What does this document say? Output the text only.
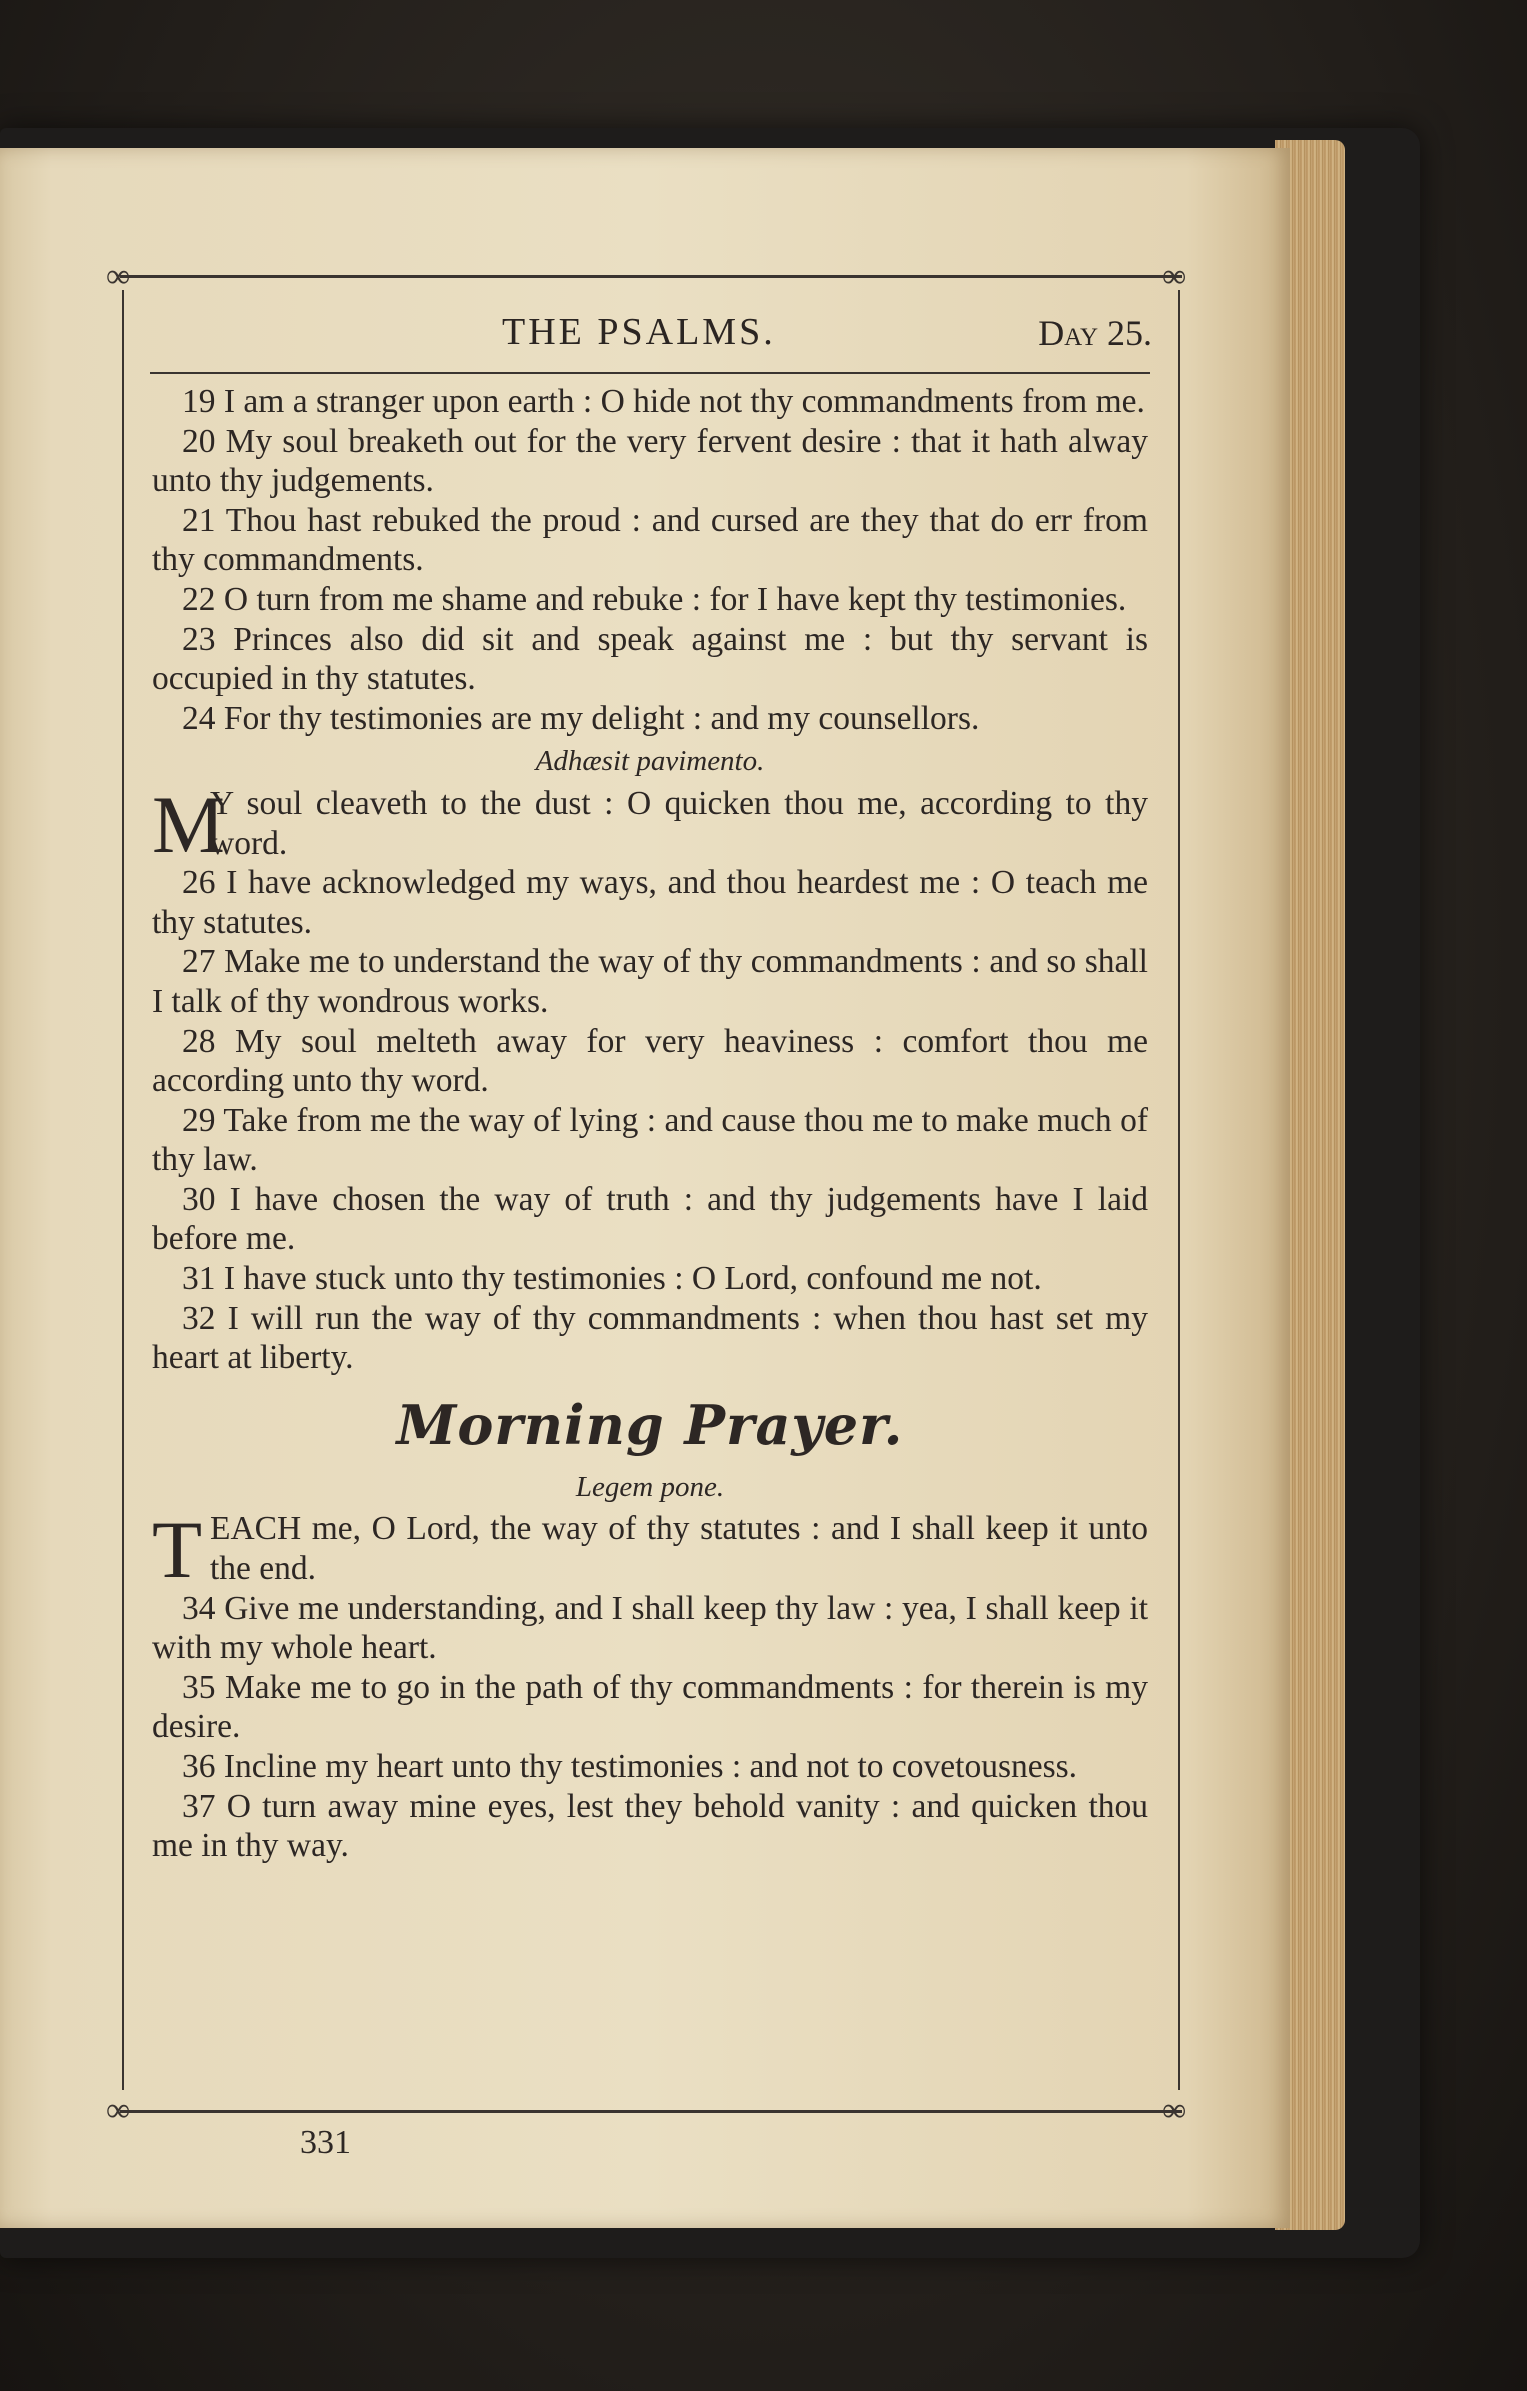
∞	∞
∞	∞
THE PSALMS.	Day 25.

19 I am a stranger upon earth : O hide not thy commandments from me.

20 My soul breaketh out for the very fervent desire : that it hath alway unto thy judgements.

21 Thou hast rebuked the proud : and cursed are they that do err from thy commandments.

22 O turn from me shame and rebuke : for I have kept thy testimonies.

23 Princes also did sit and speak against me : but thy servant is occupied in thy statutes.

24 For thy testimonies are my delight : and my counsellors.

Adhæsit pavimento.

M
Y soul cleaveth to the dust : O quicken thou me, according to thy word.

26 I have acknowledged my ways, and thou heardest me : O teach me thy statutes.

27 Make me to understand the way of thy commandments : and so shall I talk of thy wondrous works.

28 My soul melteth away for very heaviness : comfort thou me according unto thy word.

29 Take from me the way of lying : and cause thou me to make much of thy law.

30 I have chosen the way of truth : and thy judgements have I laid before me.

31 I have stuck unto thy testimonies : O Lord, confound me not.

32 I will run the way of thy commandments : when thou hast set my heart at liberty.

Morning Prayer.

Legem pone.

T EACH me, O Lord, the way of thy statutes : and I shall keep it unto the end.

34 Give me understanding, and I shall keep thy law : yea, I shall keep it with my whole heart.

35 Make me to go in the path of thy commandments : for therein is my desire.

36 Incline my heart unto thy testimonies : and not to covetousness.

37 O turn away mine eyes, lest they behold vanity : and quicken thou me in thy way.

331
